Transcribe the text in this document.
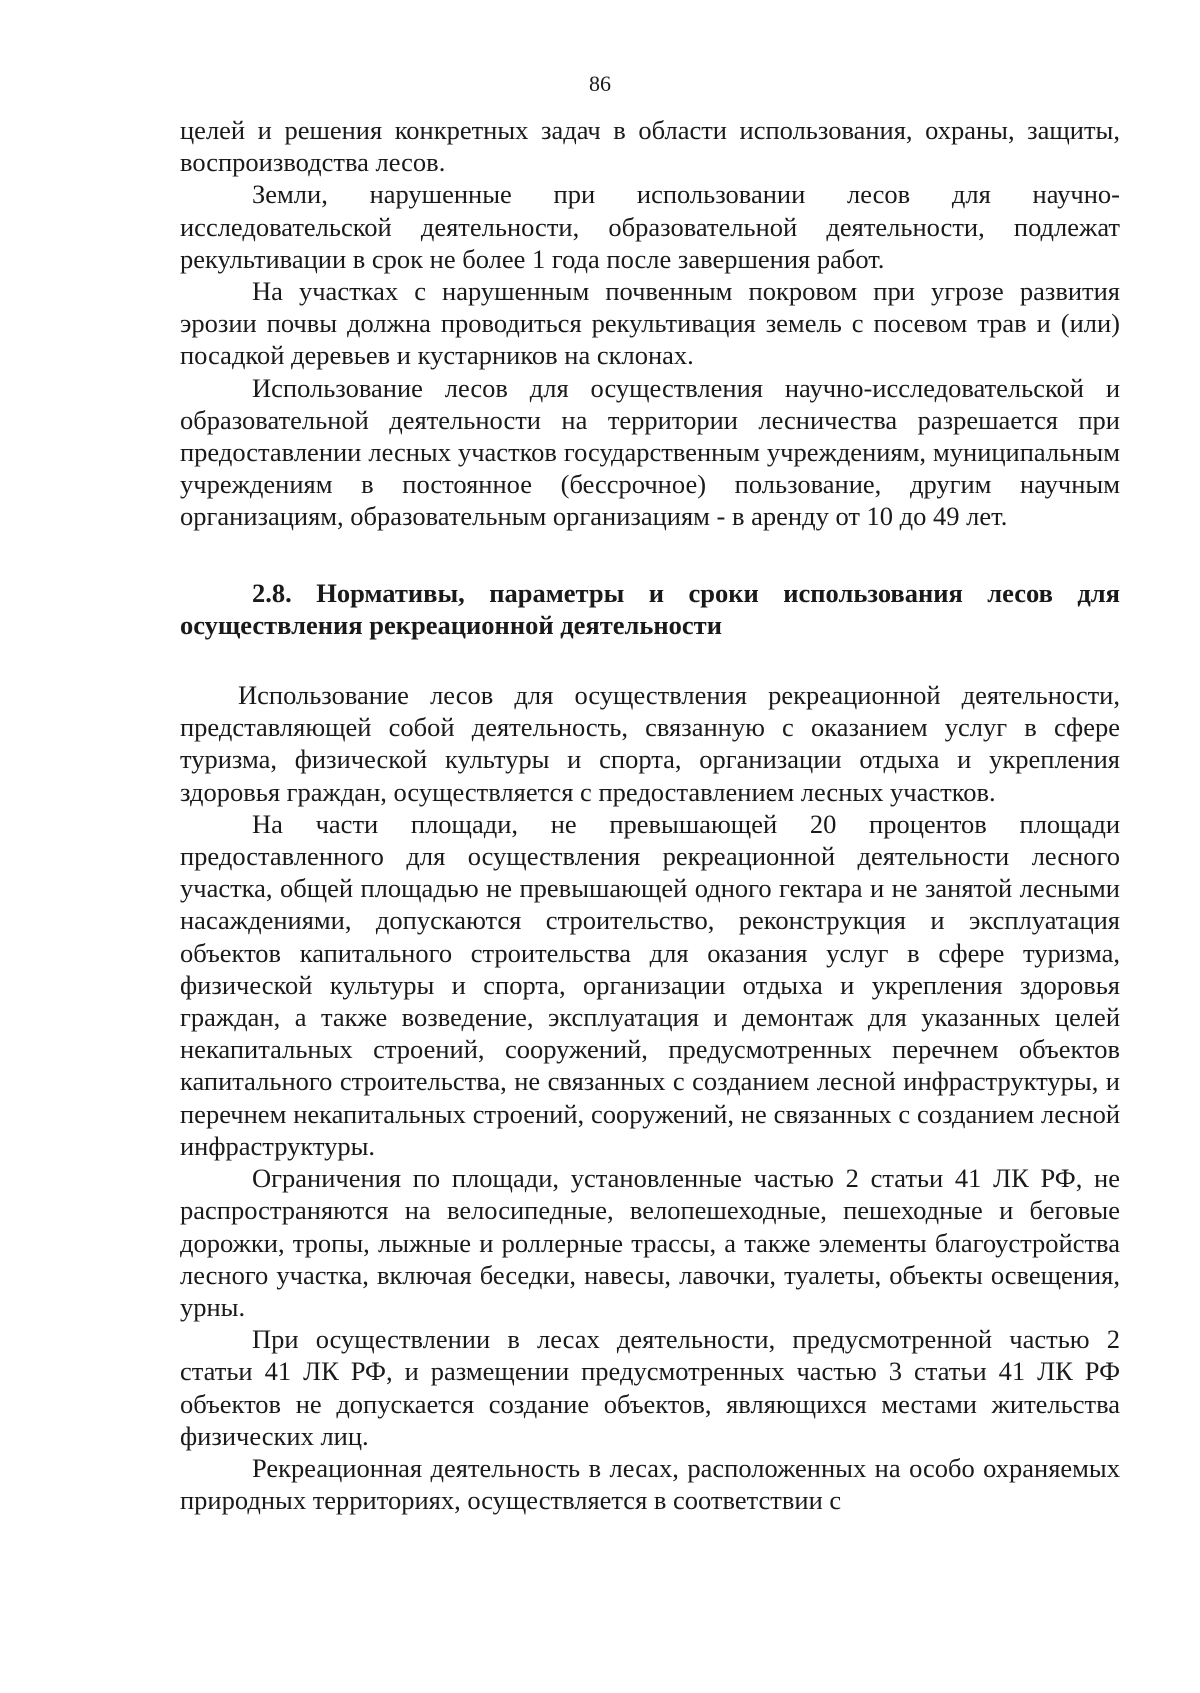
86

целей и решения конкретных задач в области использования, охраны, защиты, воспроизводства лесов.

Земли, нарушенные при использовании лесов для научно-исследовательской деятельности, образовательной деятельности, подлежат рекультивации в срок не более 1 года после завершения работ.

На участках с нарушенным почвенным покровом при угрозе развития эрозии почвы должна проводиться рекультивация земель с посевом трав и (или) посадкой деревьев и кустарников на склонах.

Использование лесов для осуществления научно-исследовательской и образовательной деятельности на территории лесничества разрешается при предоставлении лесных участков государственным учреждениям, муниципальным учреждениям в постоянное (бессрочное) пользование, другим научным организациям, образовательным организациям - в аренду от 10 до 49 лет.

2.8. Нормативы, параметры и сроки использования лесов для осуществления рекреационной деятельности

Использование лесов для осуществления рекреационной деятельности, представляющей собой деятельность, связанную с оказанием услуг в сфере туризма, физической культуры и спорта, организации отдыха и укрепления здоровья граждан, осуществляется с предоставлением лесных участков.

На части площади, не превышающей 20 процентов площади предоставленного для осуществления рекреационной деятельности лесного участка, общей площадью не превышающей одного гектара и не занятой лесными насаждениями, допускаются строительство, реконструкция и эксплуатация объектов капитального строительства для оказания услуг в сфере туризма, физической культуры и спорта, организации отдыха и укрепления здоровья граждан, а также возведение, эксплуатация и демонтаж для указанных целей некапитальных строений, сооружений, предусмотренных перечнем объектов капитального строительства, не связанных с созданием лесной инфраструктуры, и перечнем некапитальных строений, сооружений, не связанных с созданием лесной инфраструктуры.

Ограничения по площади, установленные частью 2 статьи 41 ЛК РФ, не распространяются на велосипедные, велопешеходные, пешеходные и беговые дорожки, тропы, лыжные и роллерные трассы, а также элементы благоустройства лесного участка, включая беседки, навесы, лавочки, туалеты, объекты освещения, урны.

При осуществлении в лесах деятельности, предусмотренной частью 2 статьи 41 ЛК РФ, и размещении предусмотренных частью 3 статьи 41 ЛК РФ объектов не допускается создание объектов, являющихся местами жительства физических лиц.

Рекреационная деятельность в лесах, расположенных на особо охраняемых природных территориях, осуществляется в соответствии с
